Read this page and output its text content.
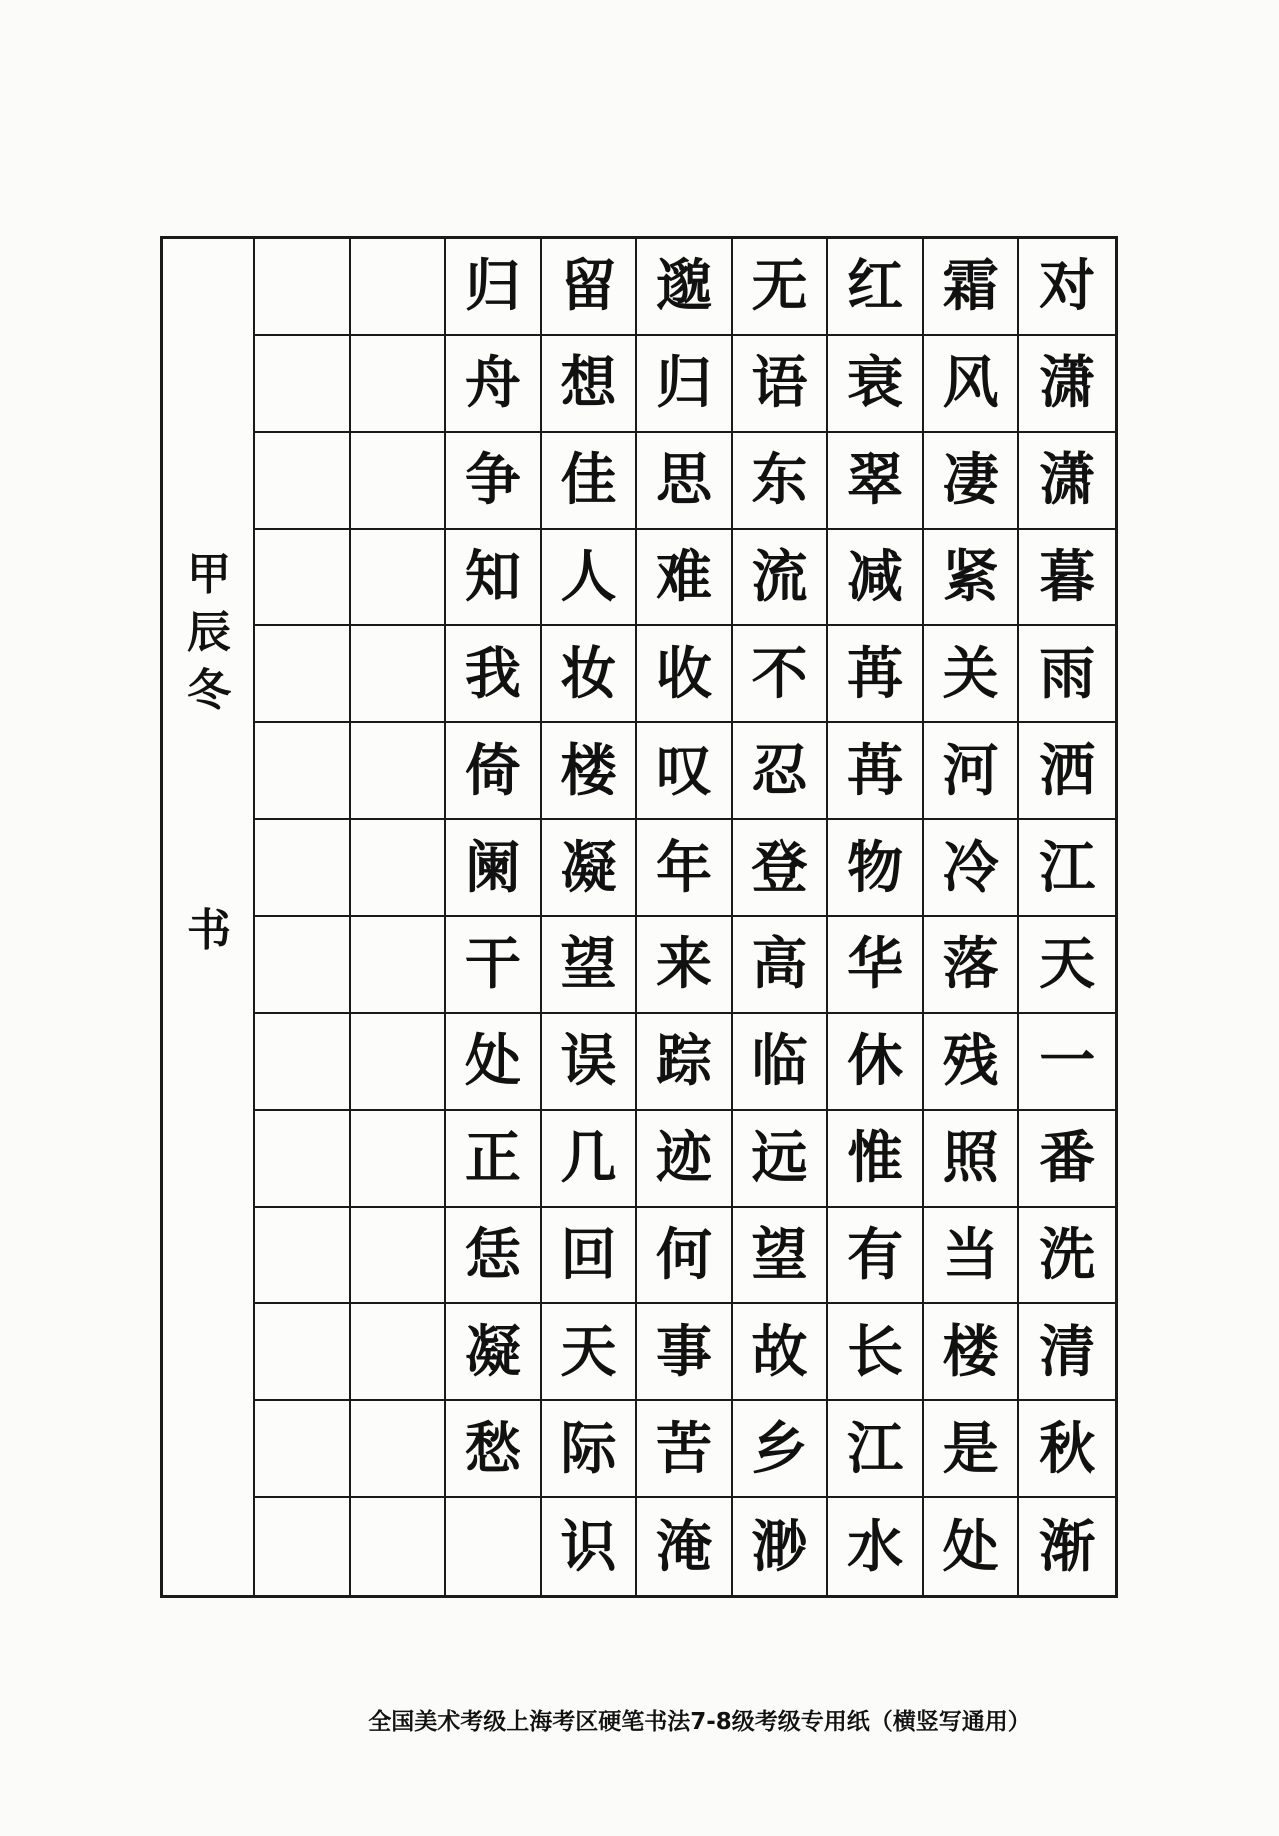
甲
辰
冬
书
归 留 邈 无 红 霜 对
舟 想 归 语 衰 风 潇
争 佳 思 东 翠 凄 潇
知 人 难 流 减 紧 暮
我 妆 收 不 苒 关 雨
倚 楼 叹 忍 苒 河 洒
阑 凝 年 登 物 冷 江
干 望 来 高 华 落 天
处 误 踪 临 休 残 一
正 几 迹 远 惟 照 番
恁 回 何 望 有 当 洗
凝 天 事 故 长 楼 清
愁 际 苦 乡 江 是 秋
识 淹 渺 水 处 渐
全国美术考级上海考区硬笔书法7-8级考级专用纸（横竖写通用）
